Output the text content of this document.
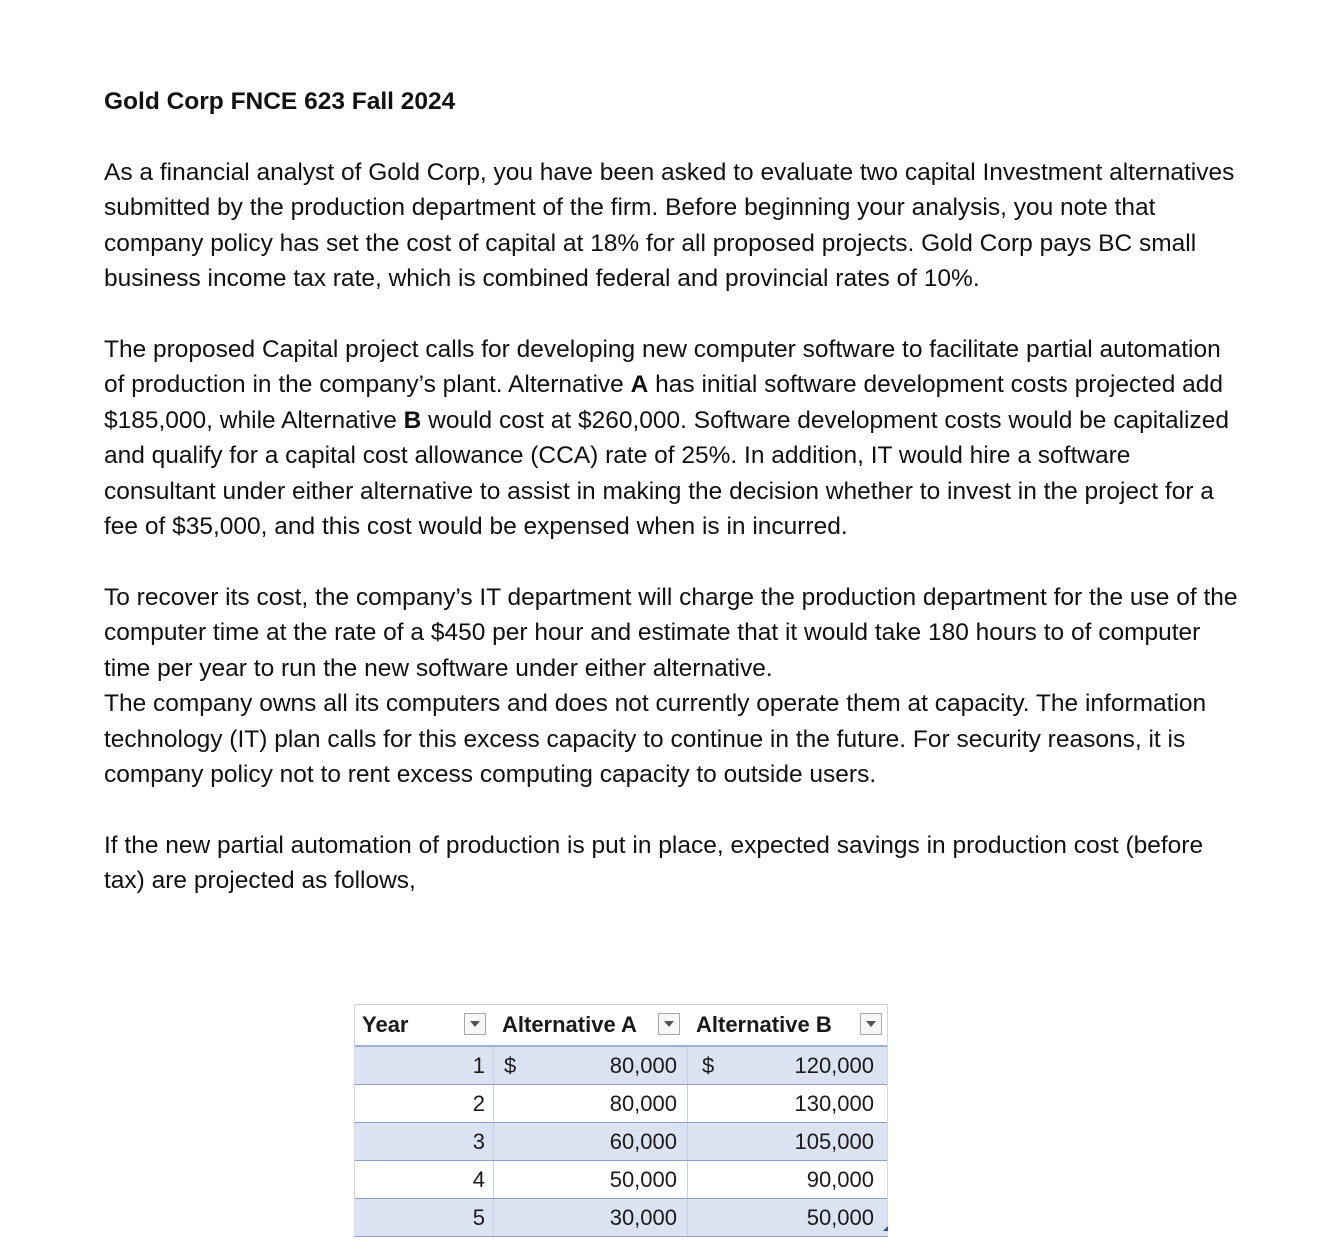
Gold Corp FNCE 623 Fall 2024

As a financial analyst of Gold Corp, you have been asked to evaluate two capital Investment alternatives submitted by the production department of the firm. Before beginning your analysis, you note that company policy has set the cost of capital at 18% for all proposed projects. Gold Corp pays BC small business income tax rate, which is combined federal and provincial rates of 10%.

The proposed Capital project calls for developing new computer software to facilitate partial automation of production in the company’s plant. Alternative A has initial software development costs projected add $185,000, while Alternative B would cost at $260,000. Software development costs would be capitalized and qualify for a capital cost allowance (CCA) rate of 25%. In addition, IT would hire a software consultant under either alternative to assist in making the decision whether to invest in the project for a fee of $35,000, and this cost would be expensed when is in incurred.

To recover its cost, the company’s IT department will charge the production department for the use of the computer time at the rate of a $450 per hour and estimate that it would take 180 hours to of computer time per year to run the new software under either alternative.

The company owns all its computers and does not currently operate them at capacity. The information technology (IT) plan calls for this excess capacity to continue in the future. For security reasons, it is company policy not to rent excess computing capacity to outside users.

If the new partial automation of production is put in place, expected savings in production cost (before tax) are projected as follows,

Year	Alternative A	Alternative B
1 $	80,000 $	120,000
2	80,000	130,000
3	60,000	105,000
4	50,000	90,000
5	30,000	50,000
